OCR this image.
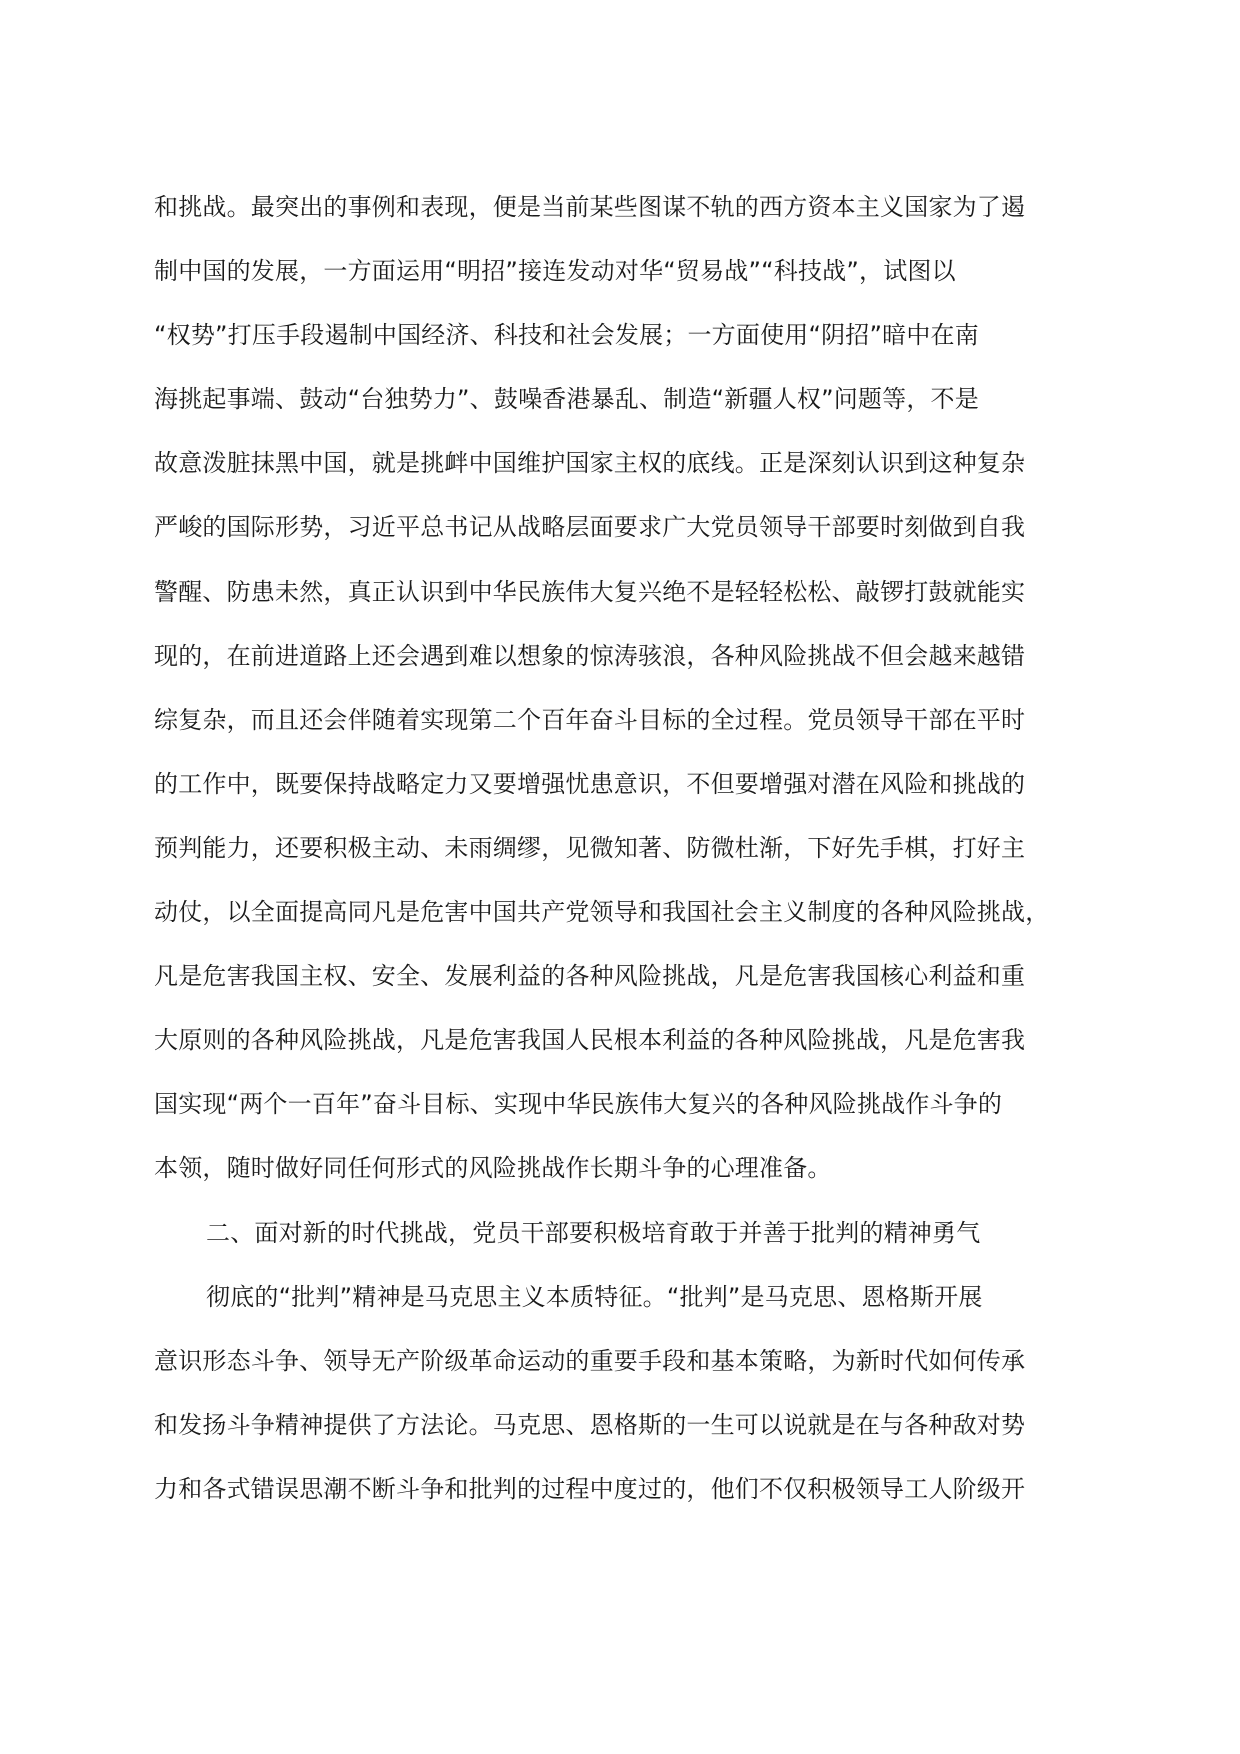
和挑战。最突出的事例和表现，便是当前某些图谋不轨的西方资本主义国家为了遏
制中国的发展，一方面运用“明招”接连发动对华“贸易战”“科技战”，试图以
“权势”打压手段遏制中国经济、科技和社会发展；一方面使用“阴招”暗中在南
海挑起事端、鼓动“台独势力”、鼓噪香港暴乱、制造“新疆人权”问题等，不是
故意泼脏抹黑中国，就是挑衅中国维护国家主权的底线。正是深刻认识到这种复杂
严峻的国际形势，习近平总书记从战略层面要求广大党员领导干部要时刻做到自我
警醒、防患未然，真正认识到中华民族伟大复兴绝不是轻轻松松、敲锣打鼓就能实
现的，在前进道路上还会遇到难以想象的惊涛骇浪，各种风险挑战不但会越来越错
综复杂，而且还会伴随着实现第二个百年奋斗目标的全过程。党员领导干部在平时
的工作中，既要保持战略定力又要增强忧患意识，不但要增强对潜在风险和挑战的
预判能力，还要积极主动、未雨绸缪，见微知著、防微杜渐，下好先手棋，打好主
动仗，以全面提高同凡是危害中国共产党领导和我国社会主义制度的各种风险挑战，
凡是危害我国主权、安全、发展利益的各种风险挑战，凡是危害我国核心利益和重
大原则的各种风险挑战，凡是危害我国人民根本利益的各种风险挑战，凡是危害我
国实现“两个一百年”奋斗目标、实现中华民族伟大复兴的各种风险挑战作斗争的
本领，随时做好同任何形式的风险挑战作长期斗争的心理准备。
二、面对新的时代挑战，党员干部要积极培育敢于并善于批判的精神勇气
彻底的“批判”精神是马克思主义本质特征。“批判”是马克思、恩格斯开展
意识形态斗争、领导无产阶级革命运动的重要手段和基本策略，为新时代如何传承
和发扬斗争精神提供了方法论。马克思、恩格斯的一生可以说就是在与各种敌对势
力和各式错误思潮不断斗争和批判的过程中度过的，他们不仅积极领导工人阶级开
